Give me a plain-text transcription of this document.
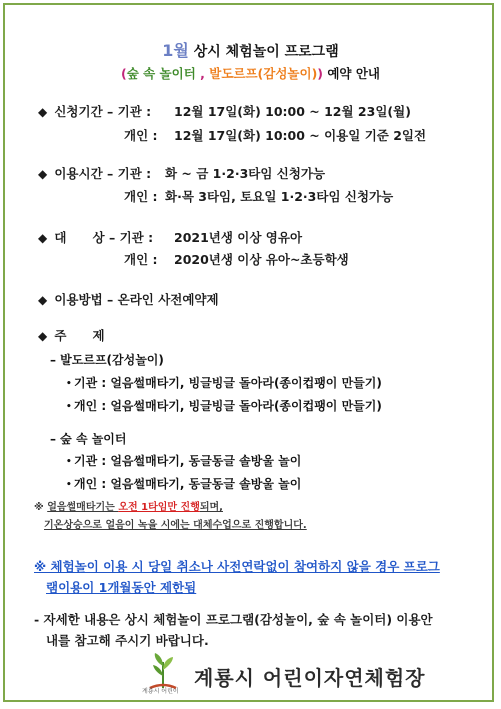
1월 상시 체험놀이 프로그램
(숲 속 놀이터 , 발도르프(감성놀이)) 예약 안내
◆ 신청기간 – 기관 : 12월 17일(화) 10:00 ~ 12월 23일(월)
개인 : 12월 17일(화) 10:00 ~ 이용일 기준 2일전
◆ 이용시간 – 기관 : 화 ~ 금 1·2·3타임 신청가능
개인 : 화·목 3타임, 토요일 1·2·3타임 신청가능
◆ 대      상 – 기관 : 2021년생 이상 영유아
개인 : 2020년생 이상 유아~초등학생
◆ 이용방법 – 온라인 사전예약제
◆ 주      제
– 발도르프(감성놀이)
• 기관 : 얼음썰매타기, 빙글빙글 돌아라(종이컵팽이 만들기)
• 개인 : 얼음썰매타기, 빙글빙글 돌아라(종이컵팽이 만들기)
– 숲 속 놀이터
• 기관 : 얼음썰매타기, 동글동글 솔방울 놀이
• 개인 : 얼음썰매타기, 동글동글 솔방울 놀이
※ 얼음썰매타기는 오전 1타임만 진행되며,
기온상승으로 얼음이 녹을 시에는 대체수업으로 진행합니다.
※ 체험놀이 이용 시 당일 취소나 사전연락없이 참여하지 않을 경우 프로그
램이용이 1개월동안 제한됨
- 자세한 내용은 상시 체험놀이 프로그램(감성놀이, 숲 속 놀이터) 이용안
내를 참고해 주시기 바랍니다.
계룡시 어린이
계룡시 어린이자연체험장
